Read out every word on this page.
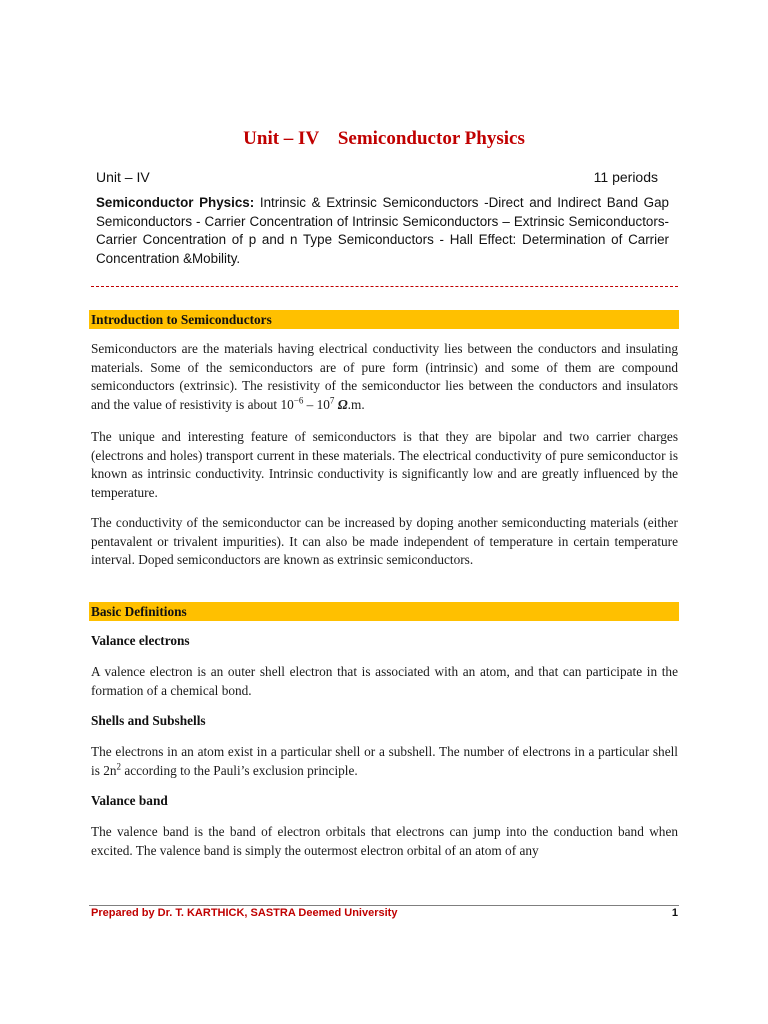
Unit – IV    Semiconductor Physics
Unit – IV	11 periods
Semiconductor Physics: Intrinsic & Extrinsic Semiconductors -Direct and Indirect Band Gap Semiconductors - Carrier Concentration of Intrinsic Semiconductors – Extrinsic Semiconductors- Carrier Concentration of p and n Type Semiconductors - Hall Effect: Determination of Carrier Concentration &Mobility.
Introduction to Semiconductors
Semiconductors are the materials having electrical conductivity lies between the conductors and insulating materials. Some of the semiconductors are of pure form (intrinsic) and some of them are compound semiconductors (extrinsic). The resistivity of the semiconductor lies between the conductors and insulators and the value of resistivity is about $10^{-6} - 10^7$ Ω.m.
The unique and interesting feature of semiconductors is that they are bipolar and two carrier charges (electrons and holes) transport current in these materials. The electrical conductivity of pure semiconductor is known as intrinsic conductivity. Intrinsic conductivity is significantly low and are greatly influenced by the temperature.
The conductivity of the semiconductor can be increased by doping another semiconducting materials (either pentavalent or trivalent impurities). It can also be made independent of temperature in certain temperature interval. Doped semiconductors are known as extrinsic semiconductors.
Basic Definitions
Valance electrons
A valence electron is an outer shell electron that is associated with an atom, and that can participate in the formation of a chemical bond.
Shells and Subshells
The electrons in an atom exist in a particular shell or a subshell. The number of electrons in a particular shell is $2n^2$ according to the Pauli’s exclusion principle.
Valance band
The valence band is the band of electron orbitals that electrons can jump into the conduction band when excited. The valence band is simply the outermost electron orbital of an atom of any
Prepared by Dr. T. KARTHICK, SASTRA Deemed University	1
